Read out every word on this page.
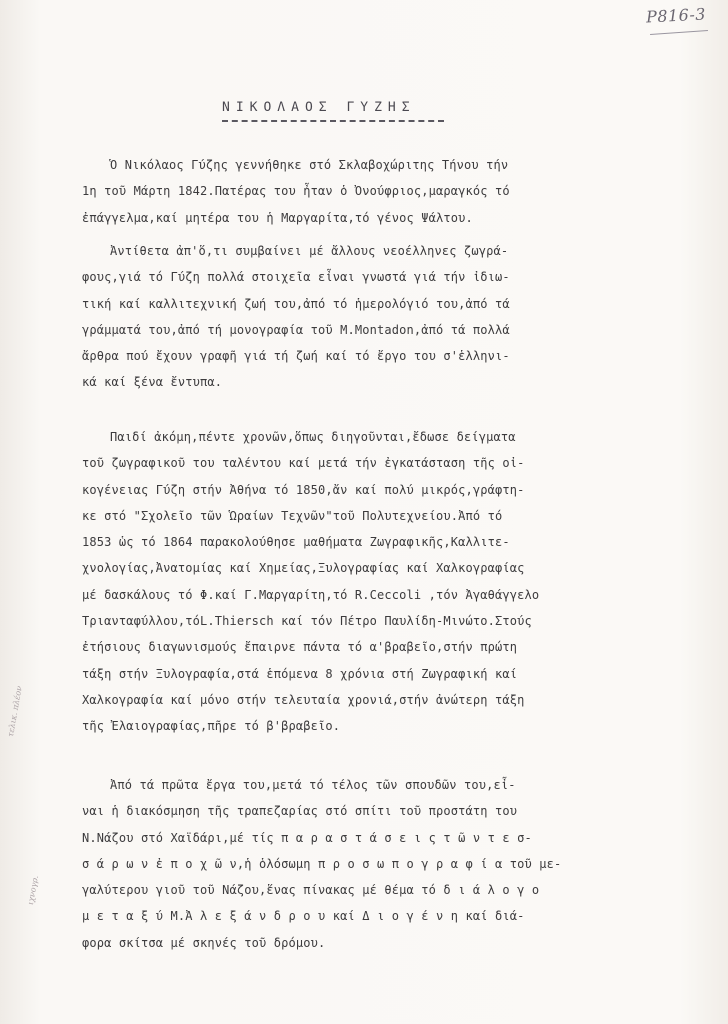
P816-3
ΝΙΚΟΛΑΟΣ ΓΥΖΗΣ
τελικ. πλέον
ιχνογρ.

Ὁ Νικόλαος Γύζης γεννήθηκε στό Σκλαβοχώριτης Τήνου τήν
1η τοῦ Μάρτη 1842.Πατέρας του ἦταν ὁ Ὀνούφριος,μαραγκός τό
ἐπάγγελμα,καί μητέρα του ἡ Μαργαρίτα,τό γένος Ψάλτου.

Ἀντίθετα ἀπ'ὅ,τι συμβαίνει μέ ἄλλους νεοέλληνες ζωγρά-
φους,γιά τό Γύζη πολλά στοιχεῖα εἶναι γνωστά γιά τήν ἰδιω-
τική καί καλλιτεχνική ζωή του,ἀπό τό ἡμερολόγιό του,ἀπό τά
γράμματά του,ἀπό τή μονογραφία τοῦ M.Montadon,ἀπό τά πολλά
ἄρθρα πού ἔχουν γραφῆ γιά τή ζωή καί τό ἔργο του σ'ἑλληνι-
κά καί ξένα ἔντυπα.

Παιδί ἀκόμη,πέντε χρονῶν,ὅπως διηγοῦνται,ἔδωσε δείγματα
τοῦ ζωγραφικοῦ του ταλέντου καί μετά τήν ἐγκατάσταση τῆς οἰ-
κογένειας Γύζη στήν Ἀθήνα τό 1850,ἄν καί πολύ μικρός,γράφτη-
κε στό "Σχολεῖο τῶν Ὡραίων Τεχνῶν"τοῦ Πολυτεχνείου.Ἀπό τό
1853 ὡς τό 1864 παρακολούθησε μαθήματα Ζωγραφικῆς,Καλλιτε-
χνολογίας,Ἀνατομίας καί Χημείας,Ξυλογραφίας καί Χαλκογραφίας
μέ δασκάλους τό Φ.καί Γ.Μαργαρίτη,τό R.Ceccoli ,τόν Ἀγαθάγγελο
Τριανταφύλλου,τόL.Thiersch καί τόν Πέτρο Παυλίδη-Μινώτο.Στούς
ἐτήσιους διαγωνισμούς ἔπαιρνε πάντα τό α'βραβεῖο,στήν πρώτη
τάξη στήν Ξυλογραφία,στά ἑπόμενα 8 χρόνια στή Ζωγραφική καί
Χαλκογραφία καί μόνο στήν τελευταία χρονιά,στήν ἀνώτερη τάξη
τῆς Ἐλαιογραφίας,πῆρε τό β'βραβεῖο.

Ἀπό τά πρῶτα ἔργα του,μετά τό τέλος τῶν σπουδῶν του,εἶ-
ναι ἡ διακόσμηση τῆς τραπεζαρίας στό σπίτι τοῦ προστάτη του
Ν.Νάζου στό Χαϊδάρι,μέ τίς π α ρ α σ τ ά σ ε ι ς τ ῶ ν τ ε σ-
σ ά ρ ω ν ἐ π ο χ ῶ ν,ἡ ὁλόσωμη π ρ ο σ ω π ο γ ρ α φ ί α τοῦ με-
γαλύτερου γιοῦ τοῦ Νάζου,ἕνας πίνακας μέ θέμα τό δ ι ά λ ο γ ο
μ ε τ α ξ ύ Μ.Ἀ λ ε ξ ά ν δ ρ ο υ καί Δ ι ο γ έ ν η καί διά-
φορα σκίτσα μέ σκηνές τοῦ δρόμου.
